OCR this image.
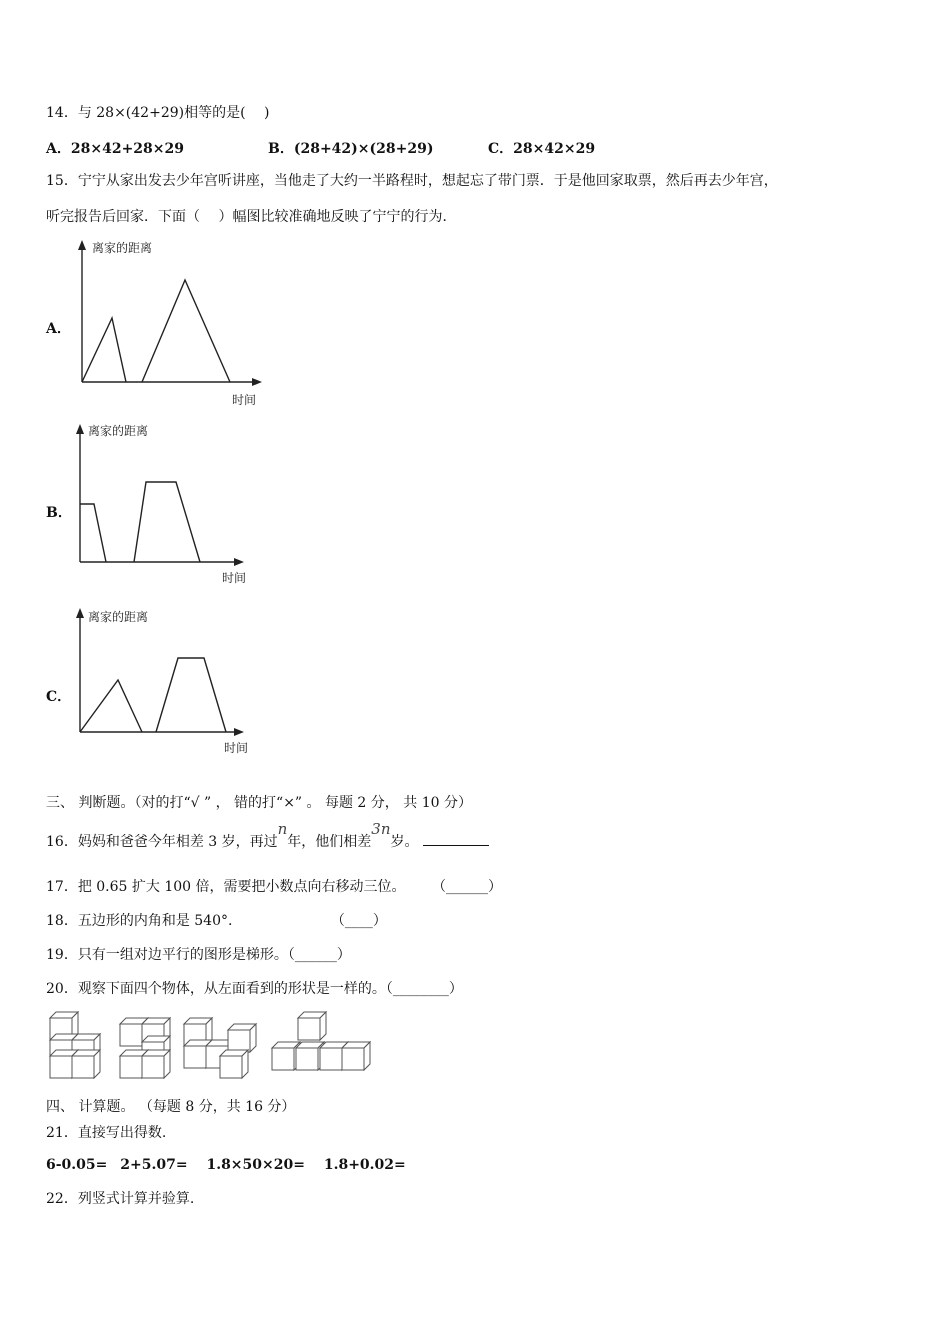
14．与 28×(42+29)相等的是(　 )
A．28×42+28×29	B．(28+42)×(28+29)	C．28×42×29
15．宁宁从家出发去少年宫听讲座，当他走了大约一半路程时，想起忘了带门票．于是他回家取票，然后再去少年宫，
听完报告后回家．下面（　 ）幅图比较准确地反映了宁宁的行为．
A．
离家的距离
时间
B．
离家的距离
时间
C．
离家的距离
时间
三、 判断题。（对的打“√ ” ， 错的打“×” 。 每题 2 分， 共 10 分）
16．妈妈和爸爸今年相差 3 岁，再过n年，他们相差3n岁。
17．把 0.65 扩大 100 倍，需要把小数点向右移动三位。 （______）
18．五边形的内角和是 540°.	（____）
19．只有一组对边平行的图形是梯形。（______）
20．观察下面四个物体，从左面看到的形状是一样的。（________）
四、 计算题。 （每题 8 分，共 16 分）
21．直接写出得数.
6-0.05= 2+5.07= 1.8×50×20= 1.8+0.02=
22．列竖式计算并验算.
